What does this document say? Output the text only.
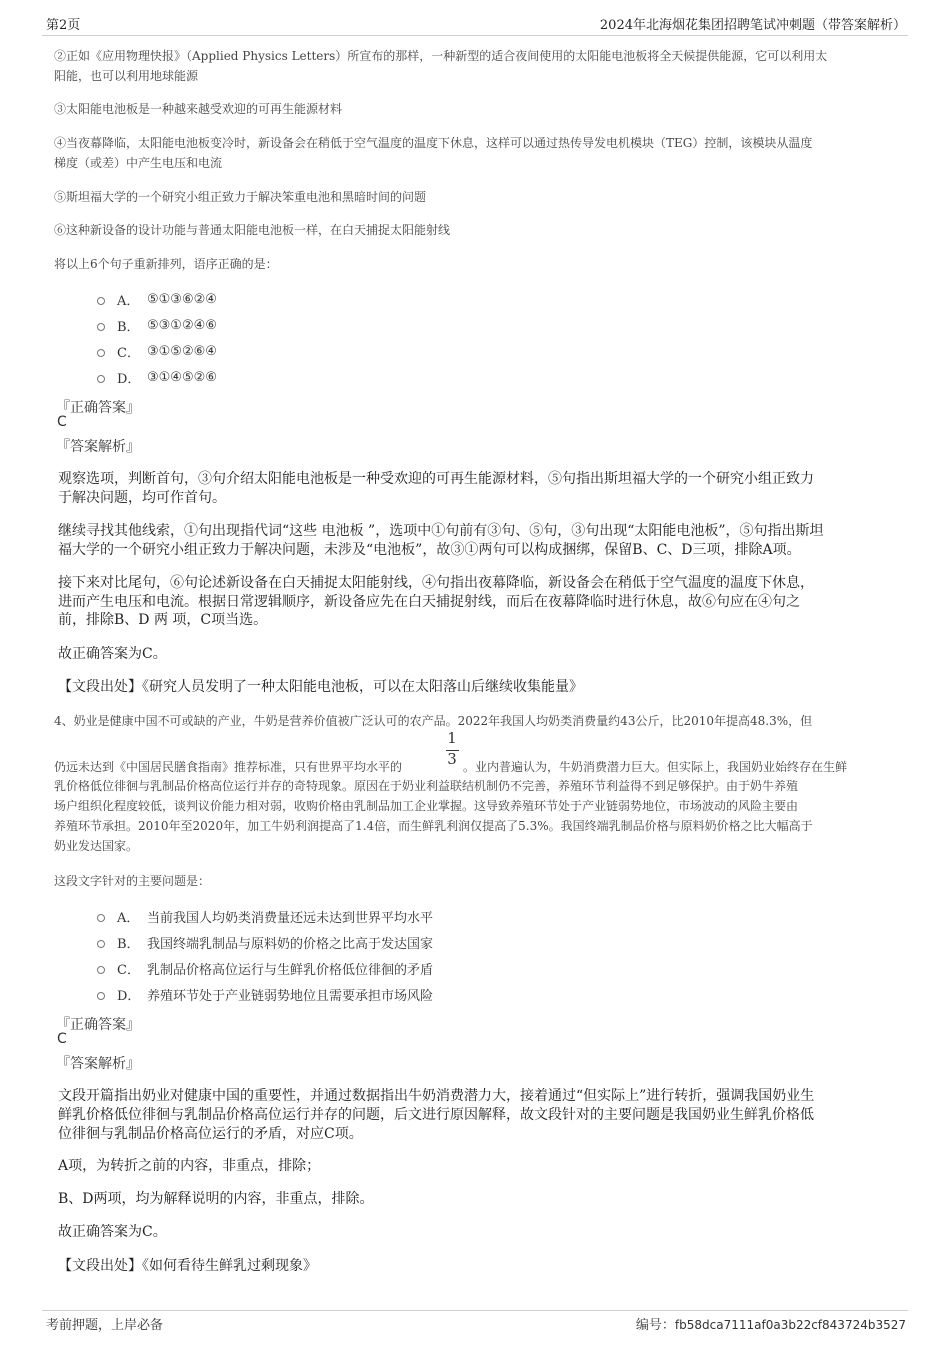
第2页	2024年北海烟花集团招聘笔试冲刺题（带答案解析）
②正如《应用物理快报》（Applied Physics Letters）所宣布的那样，一种新型的适合夜间使用的太阳能电池板将全天候提供能源，它可以利用太
阳能，也可以利用地球能源
③太阳能电池板是一种越来越受欢迎的可再生能源材料
④当夜幕降临，太阳能电池板变冷时，新设备会在稍低于空气温度的温度下休息，这样可以通过热传导发电机模块（TEG）控制，该模块从温度
梯度（或差）中产生电压和电流
⑤斯坦福大学的一个研究小组正致力于解决笨重电池和黑暗时间的问题
⑥这种新设备的设计功能与普通太阳能电池板一样，在白天捕捉太阳能射线
将以上6个句子重新排列，语序正确的是：
A． ⑤①③⑥②④
B． ⑤③①②④⑥
C． ③①⑤②⑥④
D． ③①④⑤②⑥
『正确答案』
C
『答案解析』
观察选项，判断首句，③句介绍太阳能电池板是一种受欢迎的可再生能源材料，⑤句指出斯坦福大学的一个研究小组正致力
于解决问题，均可作首句。
继续寻找其他线索，①句出现指代词“这些 电池板 ”，选项中①句前有③句、⑤句，③句出现“太阳能电池板”，⑤句指出斯坦
福大学的一个研究小组正致力于解决问题，未涉及“电池板”，故③①两句可以构成捆绑，保留B、C、D三项，排除A项。
接下来对比尾句，⑥句论述新设备在白天捕捉太阳能射线，④句指出夜幕降临，新设备会在稍低于空气温度的温度下休息，
进而产生电压和电流。根据日常逻辑顺序，新设备应先在白天捕捉射线，而后在夜幕降临时进行休息，故⑥句应在④句之
前，排除B、D 两 项，C项当选。
故正确答案为C。
【文段出处】《研究人员发明了一种太阳能电池板，可以在太阳落山后继续收集能量》
4、奶业是健康中国不可或缺的产业，牛奶是营养价值被广泛认可的农产品。2022年我国人均奶类消费量约43公斤，比2010年提高48.3%，但
1
3
仍远未达到《中国居民膳食指南》推荐标准，只有世界平均水平的	。业内普遍认为，牛奶消费潜力巨大。但实际上，我国奶业始终存在生鲜
乳价格低位徘徊与乳制品价格高位运行并存的奇特现象。原因在于奶业利益联结机制仍不完善，养殖环节利益得不到足够保护。由于奶牛养殖
场户组织化程度较低，谈判议价能力相对弱，收购价格由乳制品加工企业掌握。这导致养殖环节处于产业链弱势地位，市场波动的风险主要由
养殖环节承担。2010年至2020年，加工牛奶利润提高了1.4倍，而生鲜乳利润仅提高了5.3%。我国终端乳制品价格与原料奶价格之比大幅高于
奶业发达国家。
这段文字针对的主要问题是：
A． 当前我国人均奶类消费量还远未达到世界平均水平
B． 我国终端乳制品与原料奶的价格之比高于发达国家
C． 乳制品价格高位运行与生鲜乳价格低位徘徊的矛盾
D． 养殖环节处于产业链弱势地位且需要承担市场风险
『正确答案』
C
『答案解析』
文段开篇指出奶业对健康中国的重要性，并通过数据指出牛奶消费潜力大，接着通过“但实际上”进行转折，强调我国奶业生
鲜乳价格低位徘徊与乳制品价格高位运行并存的问题，后文进行原因解释，故文段针对的主要问题是我国奶业生鲜乳价格低
位徘徊与乳制品价格高位运行的矛盾，对应C项。
A项，为转折之前的内容，非重点，排除；
B、D两项，均为解释说明的内容，非重点，排除。
故正确答案为C。
【文段出处】《如何看待生鲜乳过剩现象》
考前押题，上岸必备	编号：fb58dca7111af0a3b22cf843724b3527
